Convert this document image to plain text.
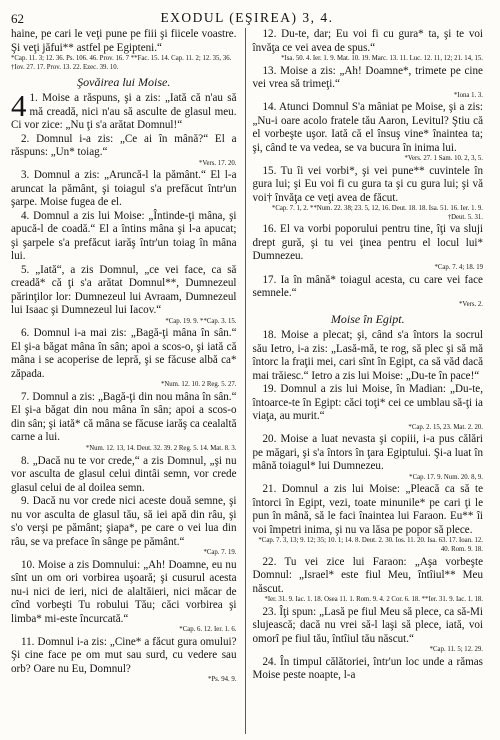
62	EXODUL (EŞIREA) 3, 4.

haine, pe cari le veţi pune pe fiii şi fiicele voastre. Şi veţi jăfui** astfel pe Egipteni.“

*Cap. 11. 3; 12. 36. Ps. 106. 46. Prov. 16. 7 **Fac. 15. 14. Cap. 11. 2; 12. 35, 36. †Iov. 27. 17. Prov. 13. 22. Ezec. 39. 10.
Şovăirea lui Moise.
4 1. Moise a răspuns, şi a zis: „Iată că n'au să mă creadă, nici n'au să asculte de glasul meu. Ci vor zice: „Nu ţi s'a arătat Domnul!“

2. Domnul i-a zis: „Ce ai în mână?“ El a răspuns: „Un* toiag.“

*Vers. 17. 20.

3. Domnul a zis: „Aruncă-l la pământ.“ El l-a aruncat la pământ, şi toiagul s'a prefăcut într'un şarpe. Moise fugea de el.

4. Domnul a zis lui Moise: „Întinde-ţi mâna, şi apucă-l de coadă.“ El a întins mâna şi l-a apucat; şi şarpele s'a prefăcut iarăş într'un toiag în mâna lui.

5. „Iată“, a zis Domnul, „ce vei face, ca să creadă* că ţi s'a arătat Domnul**, Dumnezeul părinţilor lor: Dumnezeul lui Avraam, Dumnezeul lui Isaac şi Dumnezeul lui Iacov.“

*Cap. 19. 9. **Cap. 3. 15.

6. Domnul i-a mai zis: „Bagă-ţi mâna în sân.“ El şi-a băgat mâna în sân; apoi a scos-o, şi iată că mâna i se acoperise de lepră, şi se făcuse albă ca* zăpada.

*Num. 12. 10. 2 Reg. 5. 27.

7. Domnul a zis: „Bagă-ţi din nou mâna în sân.“ El şi-a băgat din nou mâna în sân; apoi a scos-o din sân; şi iată* că mâna se făcuse iarăş ca cealaltă carne a lui.

*Num. 12. 13, 14. Deut. 32. 39. 2 Reg. 5. 14. Mat. 8. 3.

8. „Dacă nu te vor crede,“ a zis Domnul, „şi nu vor asculta de glasul celui dintâi semn, vor crede glasul celui de al doilea semn.

9. Dacă nu vor crede nici aceste două semne, şi nu vor asculta de glasul tău, să iei apă din râu, şi s'o verşi pe pământ; şiapa*, pe care o vei lua din râu, se va preface în sânge pe pământ.“

*Cap. 7. 19.

10. Moise a zis Domnului: „Ah! Doamne, eu nu sînt un om ori vorbirea uşoară; şi cusurul acesta nu-i nici de ieri, nici de alaltăieri, nici măcar de cînd vorbeşti Tu robului Tău; căci vorbirea şi limba* mi-este încurcată.“

*Cap. 6. 12. Ier. 1. 6.

11. Domnul i-a zis: „Cine* a făcut gura omului? Şi cine face pe om mut sau surd, cu vedere sau orb? Oare nu Eu, Domnul?

*Ps. 94. 9.

12. Du-te, dar; Eu voi fi cu gura* ta, şi te voi învăţa ce vei avea de spus.“

*Isa. 50. 4. Ier. 1. 9. Mat. 10. 19. Marc. 13. 11. Luc. 12. 11, 12; 21. 14, 15.

13. Moise a zis: „Ah! Doamne*, trimete pe cine vei vrea să trimeţi.“

*Iona 1. 3.

14. Atunci Domnul S'a mâniat pe Moise, şi a zis: „Nu-i oare acolo fratele tău Aaron, Levitul? Ştiu că el vorbeşte uşor. Iată că el însuş vine* înaintea ta; şi, când te va vedea, se va bucura în inima lui.

*Vers. 27. 1 Sam. 10. 2, 3, 5.

15. Tu îi vei vorbi*, şi vei pune** cuvintele în gura lui; şi Eu voi fi cu gura ta şi cu gura lui; şi vă voi† învăţa ce veţi avea de făcut.

*Cap. 7. 1, 2. **Num. 22. 38; 23. 5, 12, 16. Deut. 18. 18. Isa. 51. 16. Ier. 1. 9. †Deut. 5. 31.

16. El va vorbi poporului pentru tine, îţi va sluji drept gură, şi tu vei ţinea pentru el locul lui* Dumnezeu.

*Cap. 7. 4; 18. 19

17. Ia în mână* toiagul acesta, cu care vei face semnele.“

*Vers. 2.
Moise în Egipt.

18. Moise a plecat; şi, când s'a întors la socrul său Ietro, i-a zis: „Lasă-mă, te rog, să plec şi să mă întorc la fraţii mei, cari sînt în Egipt, ca să văd dacă mai trăiesc.“ Ietro a zis lui Moise: „Du-te în pace!“

19. Domnul a zis lui Moise, în Madian: „Du-te, întoarce-te în Egipt: căci toţi* cei ce umblau să-ţi ia viaţa, au murit.“

*Cap. 2. 15, 23. Mat. 2. 20.

20. Moise a luat nevasta şi copiii, i-a pus călări pe măgari, şi s'a întors în ţara Egiptului. Şi-a luat în mână toiagul* lui Dumnezeu.

*Cap. 17. 9. Num. 20. 8, 9.

21. Domnul a zis lui Moise: „Pleacă ca să te întorci în Egipt, vezi, toate minunile* pe cari ţi le pun în mână, să le faci înaintea lui Faraon. Eu** îi voi împetri inima, şi nu va lăsa pe popor să plece.

*Cap. 7. 3, 13; 9. 12; 35; 10. 1; 14. 8. Deut. 2. 30. Ios. 11. 20. Isa. 63. 17. Ioan. 12. 40. Rom. 9. 18.

22. Tu vei zice lui Faraon: „Aşa vorbeşte Domnul: „Israel* este fiul Meu, întîiul** Meu născut.

*Ier. 31. 9. Iac. 1. 18. Osea 11. 1. Rom. 9. 4. 2 Cor. 6. 18. **Ier. 31. 9. Iac. 1. 18.

23. Îţi spun: „Lasă pe fiul Meu să plece, ca să-Mi slujească; dacă nu vrei să-l laşi să plece, iată, voi omorî pe fiul tău, întîiul tău născut.“

*Cap. 11. 5; 12. 29.

24. În timpul călătoriei, într'un loc unde a rămas Moise peste noapte, l-a
